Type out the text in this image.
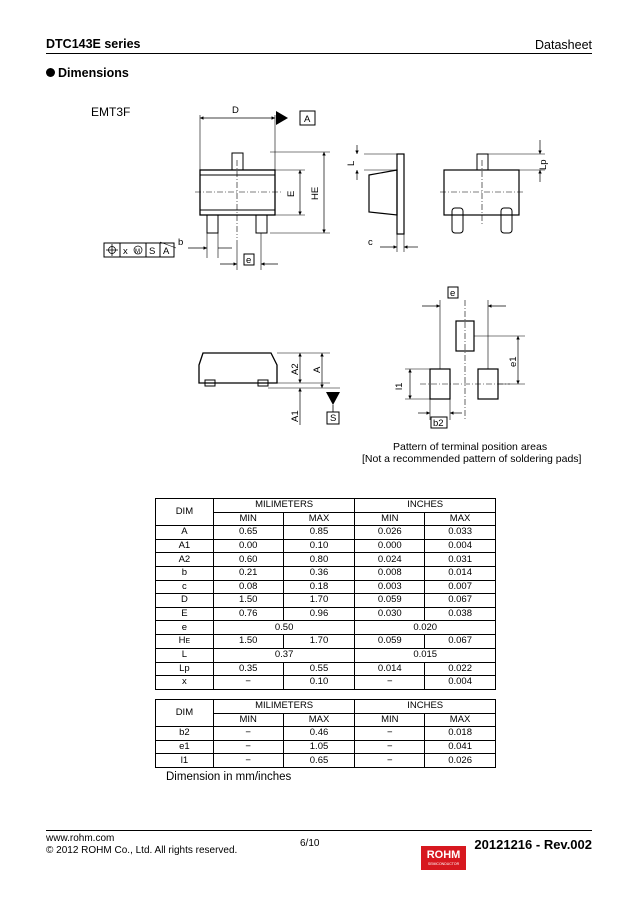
DTC143E series	Datasheet
Dimensions
EMT3F	D
A
E HE
b
e
x M S A
L
c
Lp
A2 A
A1	S
e
e1
l1
b2
Pattern of terminal position areas
[Not a recommended pattern of soldering pads]
DIM	MILIMETERS		INCHES	
	MIN	MAX	MIN	MAX
A	0.65	0.85	0.026	0.033
A1	0.00	0.10	0.000	0.004
A2	0.60	0.80	0.024	0.031
b	0.21	0.36	0.008	0.014
c	0.08	0.18	0.003	0.007
D	1.50	1.70	0.059	0.067
E	0.76	0.96	0.030	0.038
e	0.50		0.020	
HE	1.50	1.70	0.059	0.067
L	0.37		0.015	
Lp	0.35	0.55	0.014	0.022
x	−	0.10	−	0.004
DIM	MILIMETERS		INCHES	
	MIN	MAX	MIN	MAX
b2	−	0.46	−	0.018
e1	−	1.05	−	0.041
l1	−	0.65	−	0.026
Dimension in mm/inches
www.rohm.com
© 2012 ROHM Co., Ltd. All rights reserved.
6/10
ROHM
SEMICONDUCTOR
20121216 - Rev.002
